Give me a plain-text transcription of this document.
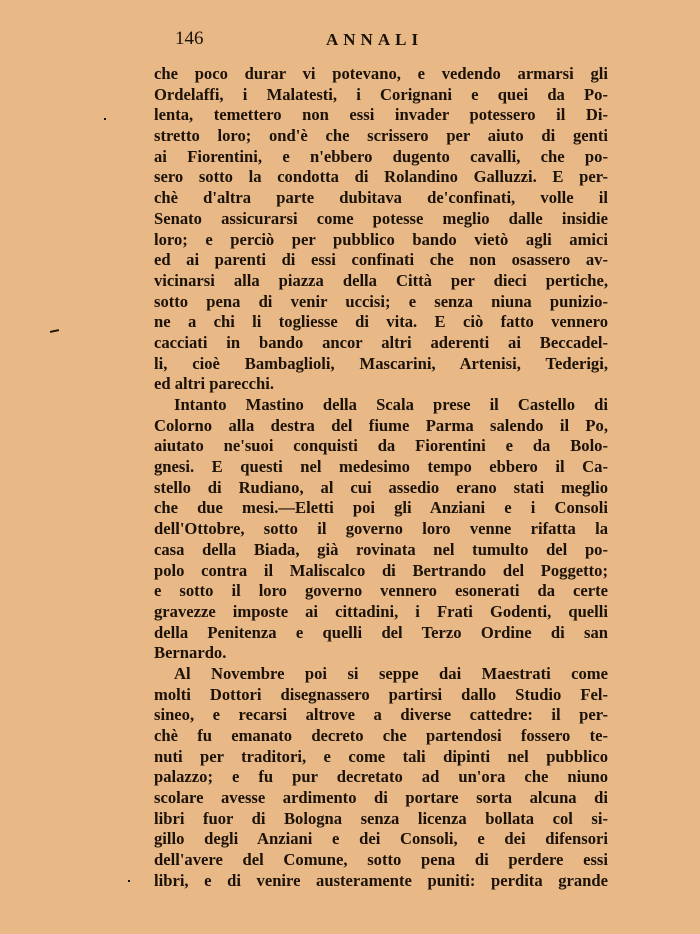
146	ANNALI
che poco durar vi potevano, e vedendo armarsi gli
Ordelaffi, i Malatesti, i Corignani e quei da Po-
lenta, temettero non essi invader potessero il Di-
stretto loro; ond'è che scrissero per aiuto di genti
ai Fiorentini, e n'ebbero dugento cavalli, che po-
sero sotto la condotta di Rolandino Galluzzi. E per-
chè d'altra parte dubitava de'confinati, volle il
Senato assicurarsi come potesse meglio dalle insidie
loro; e perciò per pubblico bando vietò agli amici
ed ai parenti di essi confinati che non osassero av-
vicinarsi alla piazza della Città per dieci pertiche,
sotto pena di venir uccisi; e senza niuna punizio-
ne a chi li togliesse di vita. E ciò fatto vennero
cacciati in bando ancor altri aderenti ai Beccadel-
li, cioè Bambaglioli, Mascarini, Artenisi, Tederigi,
ed altri parecchi.
Intanto Mastino della Scala prese il Castello di
Colorno alla destra del fiume Parma salendo il Po,
aiutato ne'suoi conquisti da Fiorentini e da Bolo-
gnesi. E questi nel medesimo tempo ebbero il Ca-
stello di Rudiano, al cui assedio erano stati meglio
che due mesi.—Eletti poi gli Anziani e i Consoli
dell'Ottobre, sotto il governo loro venne rifatta la
casa della Biada, già rovinata nel tumulto del po-
polo contra il Maliscalco di Bertrando del Poggetto;
e sotto il loro governo vennero esonerati da certe
gravezze imposte ai cittadini, i Frati Godenti, quelli
della Penitenza e quelli del Terzo Ordine di san
Bernardo.
Al Novembre poi si seppe dai Maestrati come
molti Dottori disegnassero partirsi dallo Studio Fel-
sineo, e recarsi altrove a diverse cattedre: il per-
chè fu emanato decreto che partendosi fossero te-
nuti per traditori, e come tali dipinti nel pubblico
palazzo; e fu pur decretato ad un'ora che niuno
scolare avesse ardimento di portare sorta alcuna di
libri fuor di Bologna senza licenza bollata col si-
gillo degli Anziani e dei Consoli, e dei difensori
dell'avere del Comune, sotto pena di perdere essi
libri, e di venire austeramente puniti: perdita grande
